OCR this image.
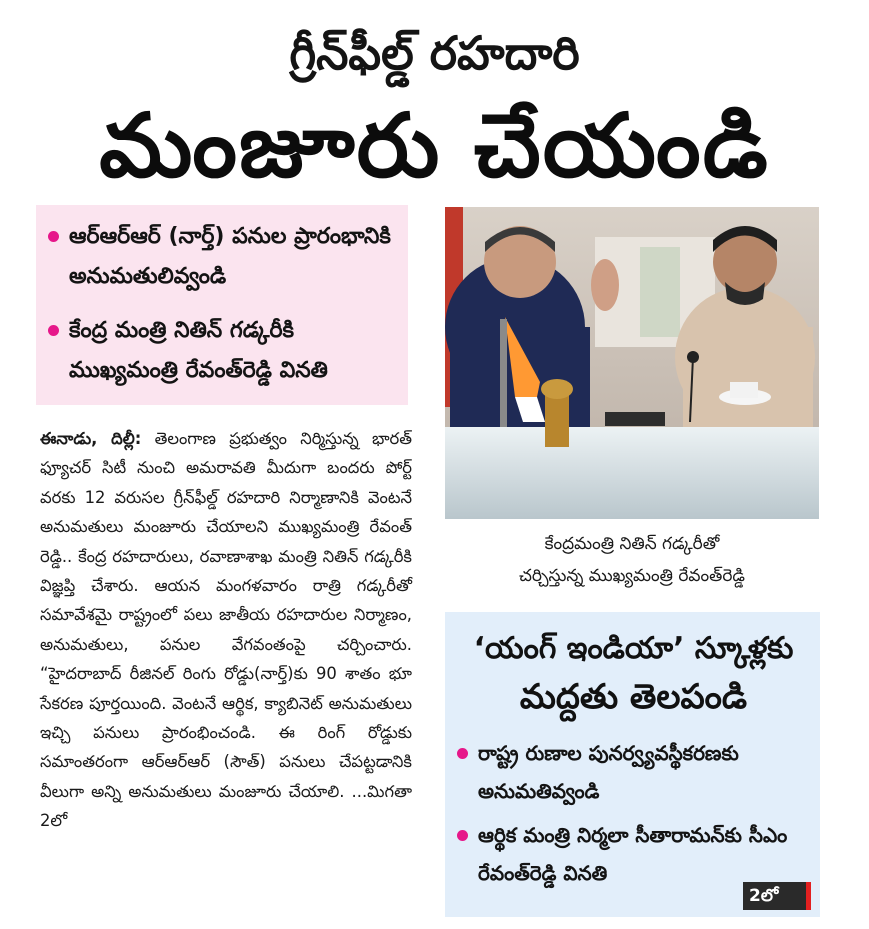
గ్రీన్‌ఫీల్డ్ రహదారి
మంజూరు చేయండి
ఆర్‌ఆర్‌ఆర్ (నార్త్) పనుల ప్రారంభానికి అనుమతులివ్వండి
కేంద్ర మంత్రి నితిన్ గడ్కరీకి ముఖ్యమంత్రి రేవంత్‌రెడ్డి వినతి
కేంద్రమంత్రి నితిన్ గడ్కరీతో
చర్చిస్తున్న ముఖ్యమంత్రి రేవంత్‌రెడ్డి
ఈనాడు, దిల్లీ: తెలంగాణ ప్రభుత్వం నిర్మిస్తున్న భారత్ ఫ్యూచర్ సిటీ నుంచి అమరావతి మీదుగా బందరు పోర్ట్ వరకు 12 వరుసల గ్రీన్‌ఫీల్డ్ రహదారి నిర్మాణానికి వెంటనే అనుమతులు మంజూరు చేయాలని ముఖ్యమంత్రి రేవంత్ రెడ్డి.. కేంద్ర రహదారులు, రవాణాశాఖ మంత్రి నితిన్ గడ్కరీకి విజ్ఞప్తి చేశారు. ఆయన మంగళవారం రాత్రి గడ్కరీతో సమావేశమై రాష్ట్రంలో పలు జాతీయ రహదారుల నిర్మాణం, అనుమతులు, పనుల వేగవంతంపై చర్చించారు. “హైదరాబాద్ రీజినల్ రింగు రోడ్డు(నార్త్)కు 90 శాతం భూ సేకరణ పూర్తయింది. వెంటనే ఆర్థిక, క్యాబినెట్ అనుమతులు ఇచ్చి పనులు ప్రారంభించండి. ఈ రింగ్ రోడ్డుకు సమాంతరంగా ఆర్‌ఆర్‌ఆర్ (సౌత్) పనులు చేపట్టడానికి వీలుగా అన్ని అనుమతులు మంజూరు చేయాలి. ...మిగతా 2లో
‘యంగ్ ఇండియా’ స్కూళ్లకు
మద్దతు తెలపండి
రాష్ట్ర రుణాల పునర్వ్యవస్థీకరణకు అనుమతివ్వండి
ఆర్థిక మంత్రి నిర్మలా సీతారామన్‌కు సీఎం రేవంత్‌రెడ్డి వినతి
2లో
